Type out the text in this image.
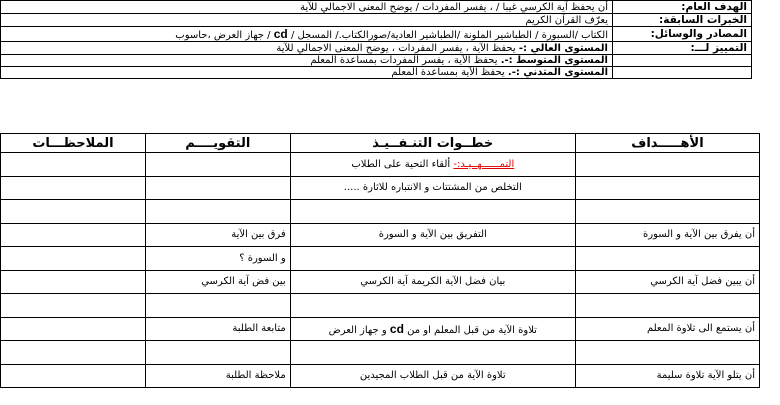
	الهدف العام:	أن يحفظ آية الكرسي غيبا / ، يفسر المفردات / يوضح المعنى الاجمالي للآية
	الخبرات السابقة:	يعرّف القرآن الكريم
	المصادر والوسائل:	الكتاب /السبورة / الطباشير الملونة /الطباشير العادية/صورالكتاب./ المسجل / cd / جهاز العرض ،حاسوب
	التمييز لـــ:	المستوى العالي :- يحفظ الآية ، يفسر المفردات ، يوضح المعنى الاجمالي للآية
		المستوى المتوسط :-. يحفظ الآية ، يفسر المفردات بمساعدة المعلم
		المستوى المتدني :-. يحفظ الآية بمساعدة المعلم
الأهـــــداف	خطــوات التنـفــيـذ	التقويــــم	الملاحظـــات
	التمــــــهــيـد:- ألقاء التحية على الطلاب		
	التخلص من المشتتات و الانتباره للاثارة .....		

أن يفرق بين الآية و السورة	التفريق بين الآية و السورة	فرق بين الآية	
		و السورة ؟	
أن يبين فضل آية الكرسي	بيان فضل الآية الكريمة آية الكرسي	بين فض آية الكرسي	

أن يستمع الى تلاوة المعلم	تلاوة الآية من قبل المعلم او من cd و جهاز العرض	متابعة الطلبة	

أن يتلو الآية تلاوة سليمة	تلاوة الآية من قبل الطلاب المجيدين	ملاحظة الطلبة	
